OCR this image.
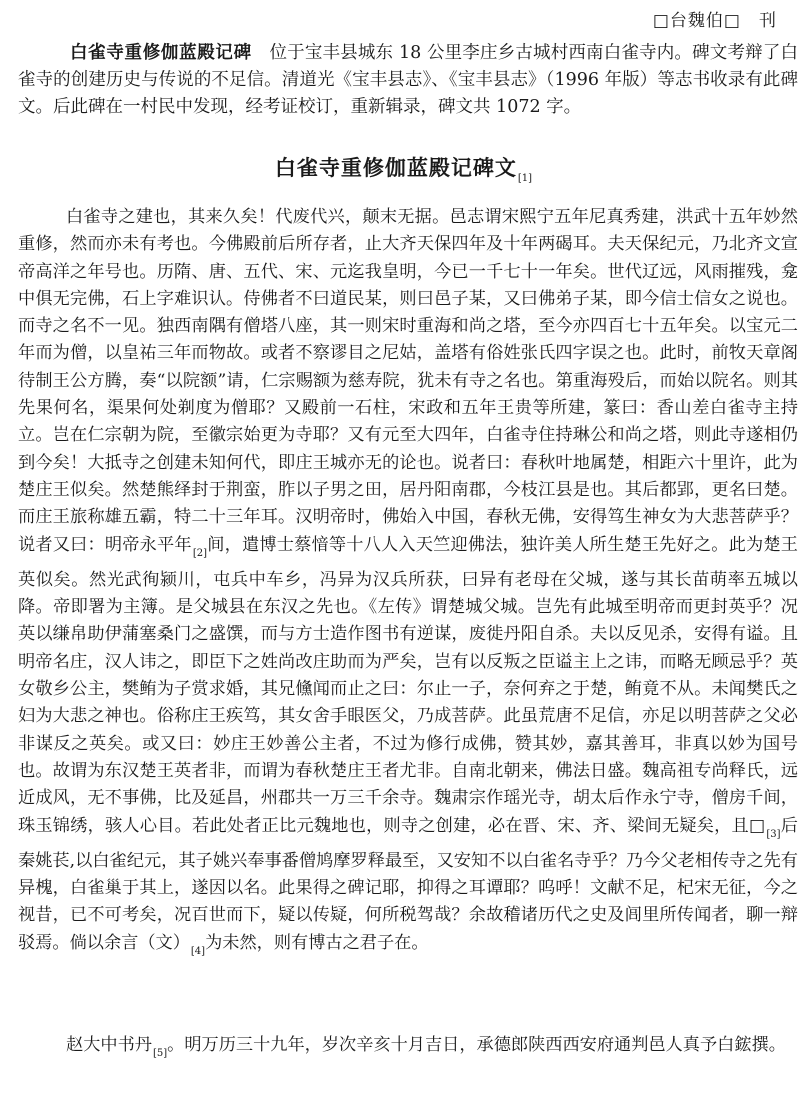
□台魏伯□　刊
白雀寺重修伽蓝殿记碑　位于宝丰县城东 18 公里李庄乡古城村西南白雀寺内。碑文考辩了白雀寺的创建历史与传说的不足信。清道光《宝丰县志》、《宝丰县志》（1996 年版）等志书收录有此碑文。后此碑在一村民中发现，经考证校订，重新辑录，碑文共 1072 字。
白雀寺重修伽蓝殿记碑文$_{[1]}$
白雀寺之建也，其来久矣！代废代兴，颠末无据。邑志谓宋熙宁五年尼真秀建，洪武十五年妙然重修，然而亦未有考也。今佛殿前后所存者，止大齐天保四年及十年两碣耳。夫天保纪元，乃北齐文宣帝高洋之年号也。历隋、唐、五代、宋、元迄我皇明，今已一千七十一年矣。世代辽远，风雨摧残，龛中俱无完佛，石上字难识认。侍佛者不曰道民某，则曰邑子某，又曰佛弟子某，即今信士信女之说也。而寺之名不一见。独西南隅有僧塔八座，其一则宋时重海和尚之塔，至今亦四百七十五年矣。以宝元二年而为僧，以皇祐三年而物故。或者不察谬目之尼姑，盖塔有俗姓张氏四字误之也。此时，前牧天章阁待制王公方腾，奏“以院额”请，仁宗赐额为慈寿院，犹未有寺之名也。第重海殁后，而始以院名。则其先果何名，渠果何处剃度为僧耶？又殿前一石柱，宋政和五年王贵等所建，篆曰：香山差白雀寺主持立。岂在仁宗朝为院，至徽宗始更为寺耶？又有元至大四年，白雀寺住持琳公和尚之塔，则此寺遂相仍到今矣！大抵寺之创建未知何代，即庄王城亦无的论也。说者曰：春秋叶地属楚，相距六十里许，此为楚庄王似矣。然楚熊绎封于荆蛮，胙以子男之田，居丹阳南郡，今枝江县是也。其后都郢，更名曰楚。而庄王旅称雄五霸，特二十三年耳。汉明帝时，佛始入中国，春秋无佛，安得笃生神女为大悲菩萨乎？说者又曰：明帝永平年$_{[2]}$间，遣博士蔡愔等十八人入天竺迎佛法，独许美人所生楚王先好之。此为楚王英似矣。然光武徇颍川，屯兵中车乡，冯异为汉兵所获，曰异有老母在父城，遂与其长苗萌率五城以降。帝即署为主簿。是父城县在东汉之先也。《左传》谓楚城父城。岂先有此城至明帝而更封英乎？况英以缣帛助伊蒲塞桑门之盛馔，而与方士造作图书有逆谋，废徙丹阳自杀。夫以反见杀，安得有谥。且明帝名庄，汉人讳之，即臣下之姓尚改庄助而为严矣，岂有以反叛之臣谥主上之讳，而略无顾忌乎？英女敬乡公主，樊鲔为子赏求婚，其兄儵闻而止之曰：尔止一子，奈何弃之于楚，鲔竟不从。未闻樊氏之妇为大悲之神也。俗称庄王疾笃，其女舍手眼医父，乃成菩萨。此虽荒唐不足信，亦足以明菩萨之父必非谋反之英矣。或又曰：妙庄王妙善公主者，不过为修行成佛，赞其妙，嘉其善耳，非真以妙为国号也。故谓为东汉楚王英者非，而谓为春秋楚庄王者尤非。自南北朝来，佛法日盛。魏高祖专尚释氏，远近成风，无不事佛，比及延昌，州郡共一万三千余寺。魏肃宗作瑶光寺，胡太后作永宁寺，僧房千间，珠玉锦绣，骇人心目。若此处者正比元魏地也，则寺之创建，必在晋、宋、齐、梁间无疑矣，且$□_{[3]}$后秦姚苌,以白雀纪元，其子姚兴奉事番僧鸠摩罗释最至，又安知不以白雀名寺乎？乃今父老相传寺之先有异槐，白雀巢于其上，遂因以名。此果得之碑记耶，抑得之耳谭耶？呜呼！文献不足，杞宋无征，今之视昔，已不可考矣，况百世而下，疑以传疑，何所税驾哉？余故稽诸历代之史及闾里所传闻者，聊一辩驳焉。倘以余言（文）$_{[4]}$为未然，则有博古之君子在。
赵大中书丹$_{[5]}$。明万历三十九年，岁次辛亥十月吉日，承德郎陕西西安府通判邑人真予白鋐撰。
